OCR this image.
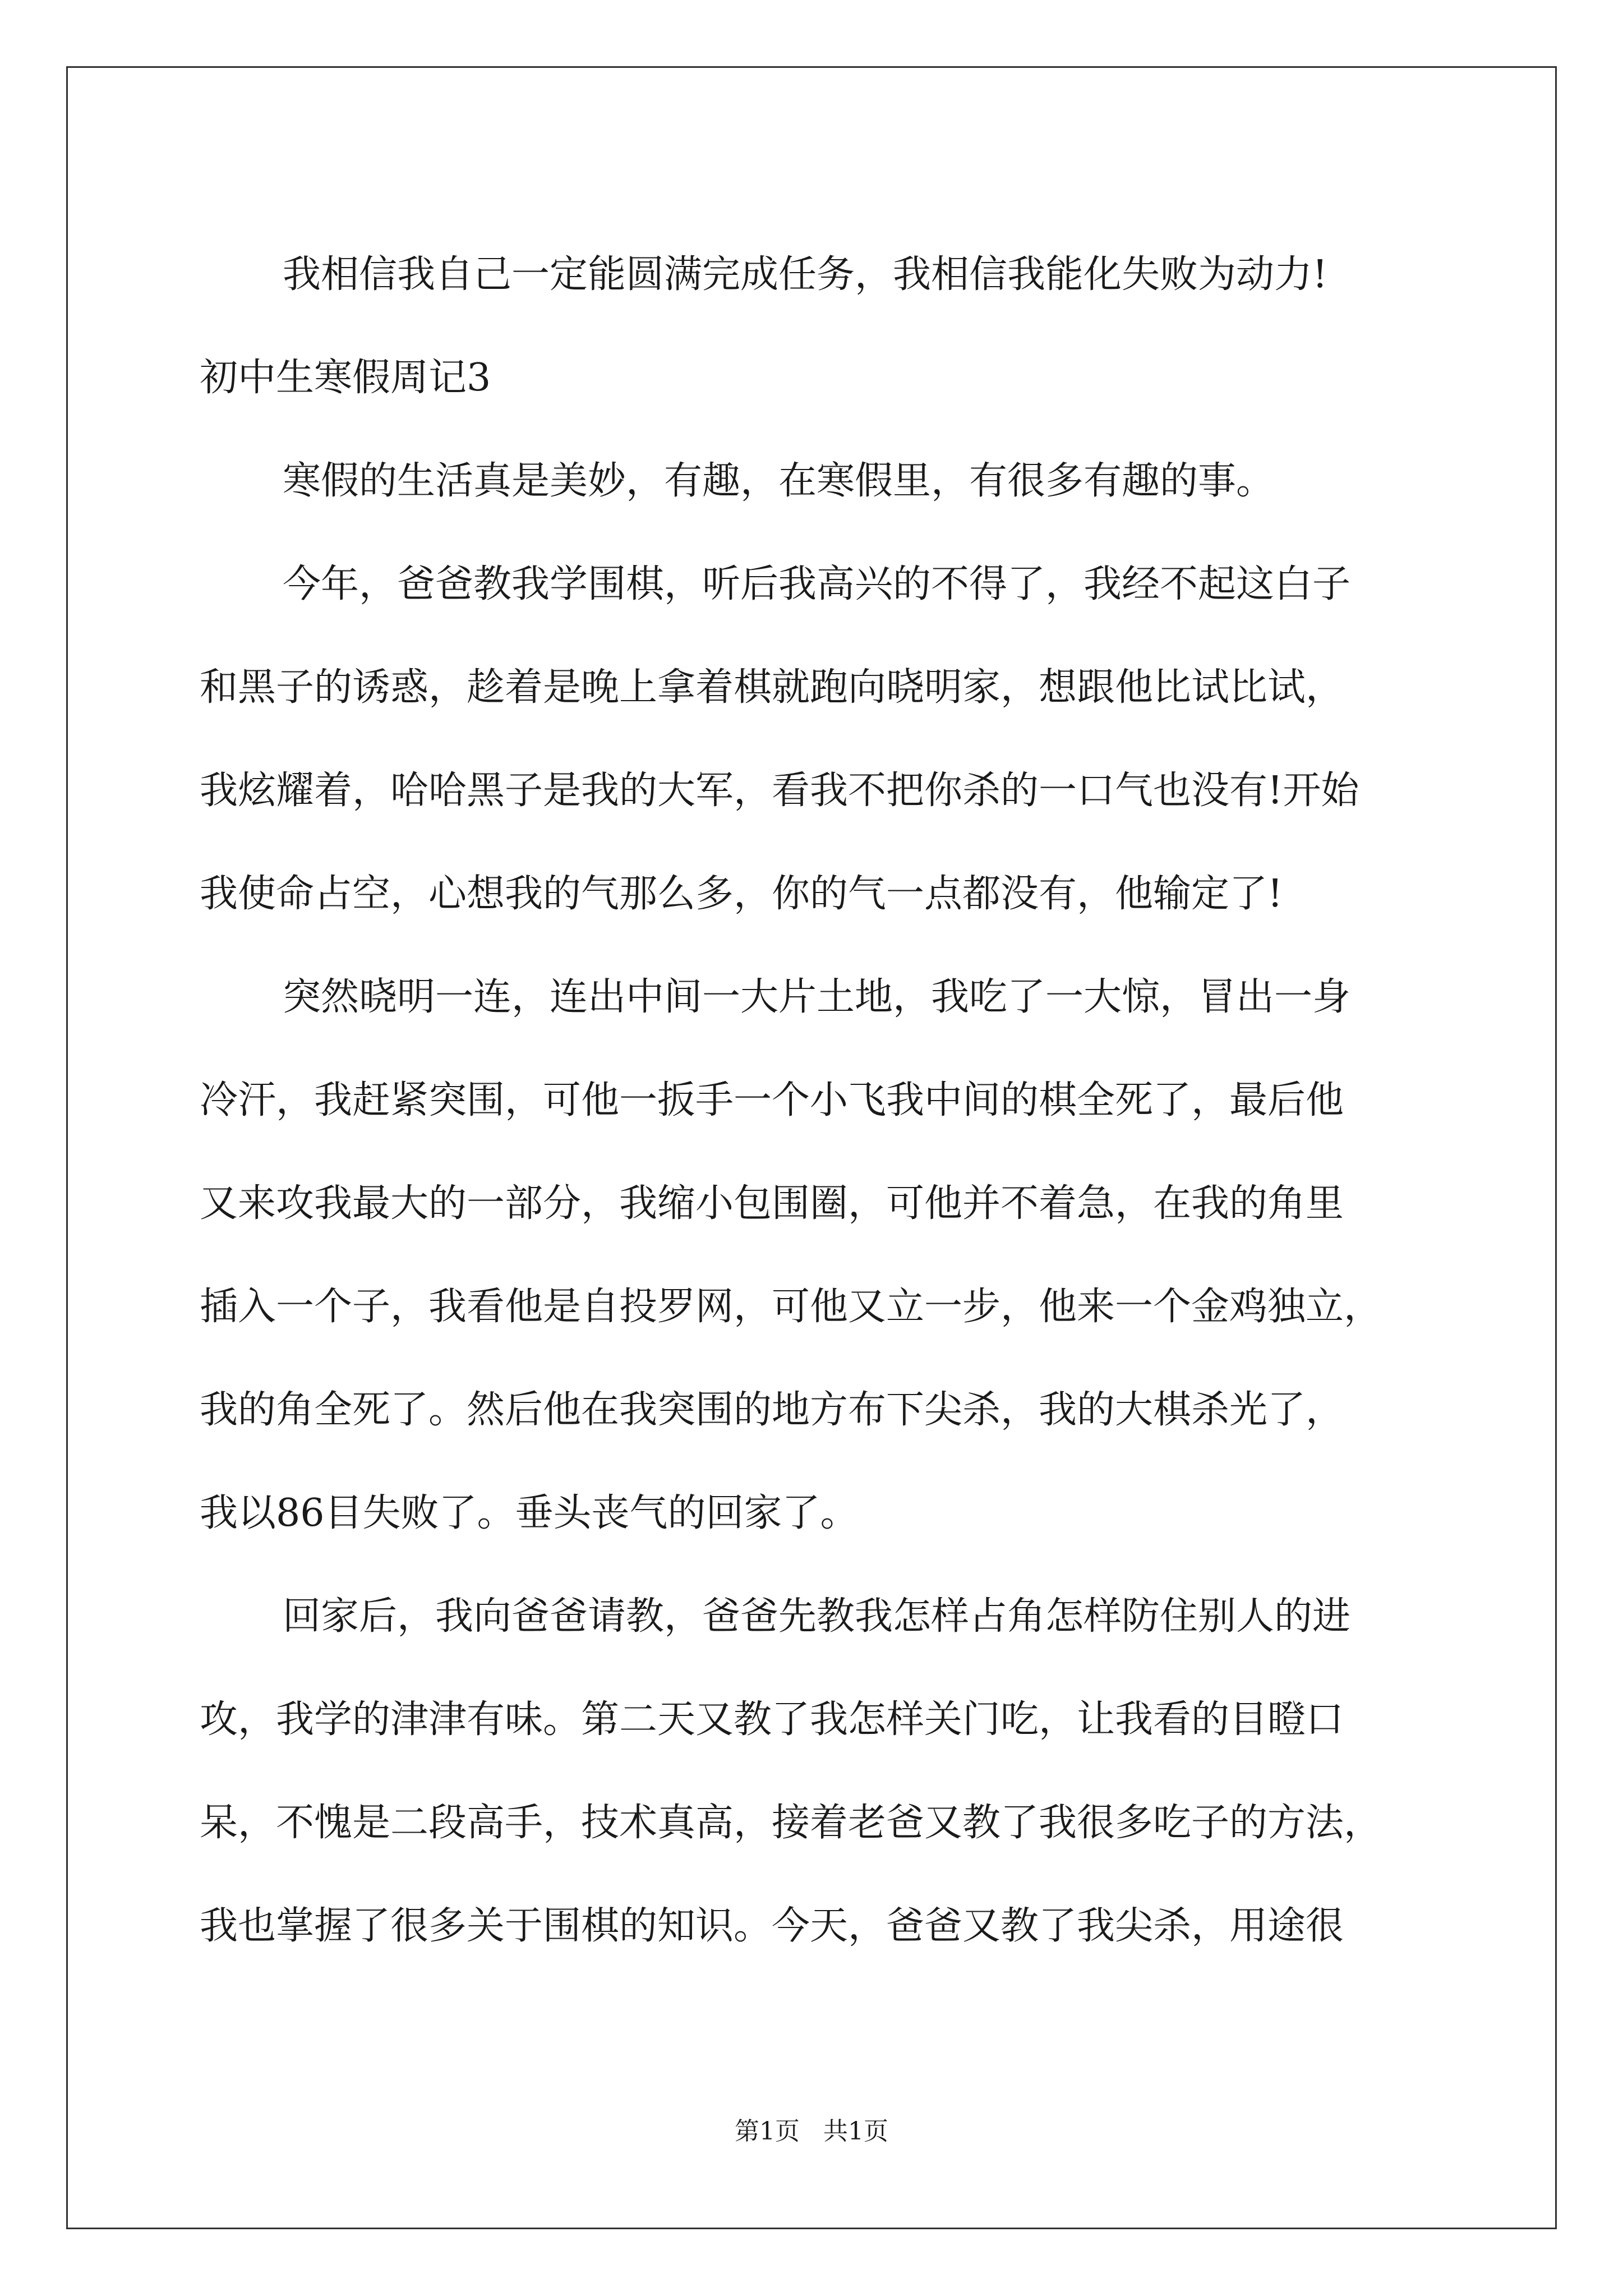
我相信我自己一定能圆满完成任务，我相信我能化失败为动力!
初中生寒假周记3
寒假的生活真是美妙，有趣，在寒假里，有很多有趣的事。
今年，爸爸教我学围棋，听后我高兴的不得了，我经不起这白子
和黑子的诱惑，趁着是晚上拿着棋就跑向晓明家，想跟他比试比试，
我炫耀着，哈哈黑子是我的大军，看我不把你杀的一口气也没有!开始
我使命占空，心想我的气那么多，你的气一点都没有，他输定了!
突然晓明一连，连出中间一大片土地，我吃了一大惊，冒出一身
冷汗，我赶紧突围，可他一扳手一个小飞我中间的棋全死了，最后他
又来攻我最大的一部分，我缩小包围圈，可他并不着急，在我的角里
插入一个子，我看他是自投罗网，可他又立一步，他来一个金鸡独立，
我的角全死了。然后他在我突围的地方布下尖杀，我的大棋杀光了，
我以86目失败了。垂头丧气的回家了。
回家后，我向爸爸请教，爸爸先教我怎样占角怎样防住别人的进
攻，我学的津津有味。第二天又教了我怎样关门吃，让我看的目瞪口
呆，不愧是二段高手，技术真高，接着老爸又教了我很多吃子的方法，
我也掌握了很多关于围棋的知识。今天，爸爸又教了我尖杀，用途很
第1页   共1页
